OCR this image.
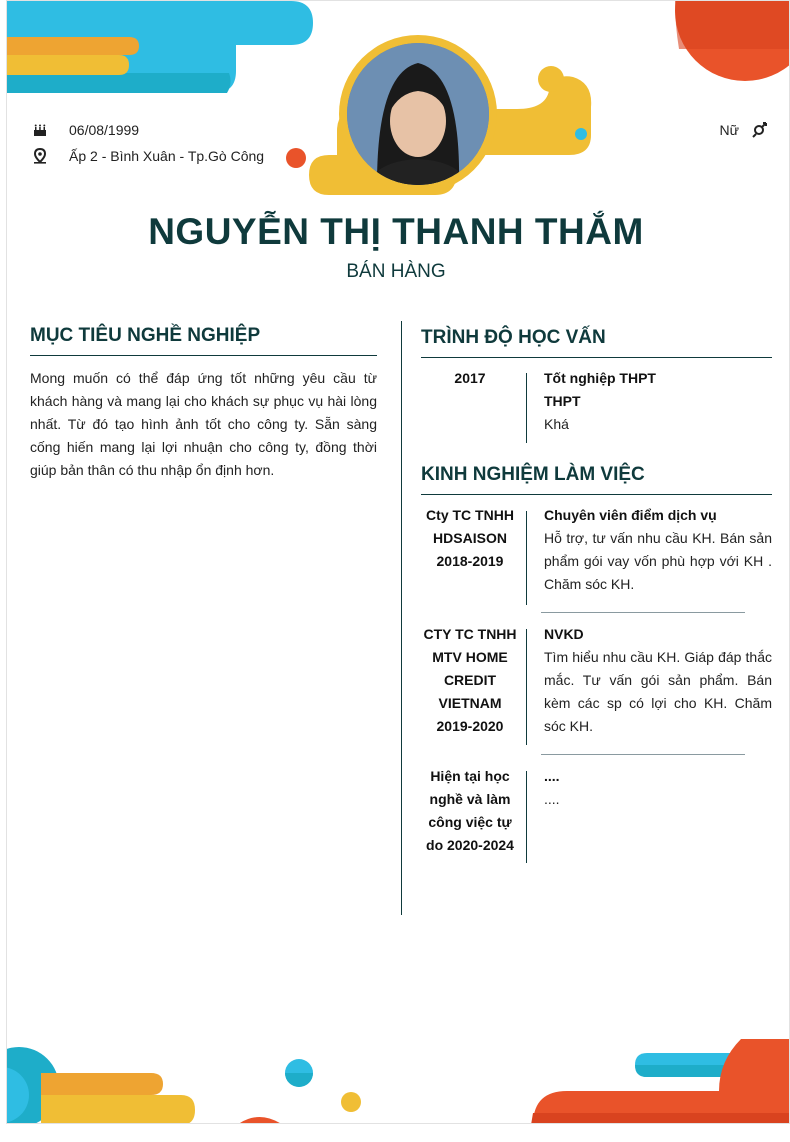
06/08/1999
Ấp 2 - Bình Xuân - Tp.Gò Công
Nữ
NGUYỄN THỊ THANH THẮM
BÁN HÀNG
MỤC TIÊU NGHỀ NGHIỆP
Mong muốn có thể đáp ứng tốt những yêu cầu từ khách hàng và mang lại cho khách sự phục vụ hài lòng nhất. Từ đó tạo hình ảnh tốt cho công ty. Sẵn sàng cống hiến mang lại lợi nhuận cho công ty, đồng thời giúp bản thân có thu nhập ổn định hơn.
TRÌNH ĐỘ HỌC VẤN
2017	Tốt nghiệp THPT
THPT
Khá
KINH NGHIỆM LÀM VIỆC
Cty TC TNHH HDSAISON 2018-2019
Chuyên viên điểm dịch vụ
Hỗ trợ, tư vấn nhu cầu KH. Bán sản phẩm gói vay vốn phù hợp với KH . Chăm sóc KH.
CTY TC TNHH MTV HOME CREDIT VIETNAM 2019-2020
NVKD
Tìm hiểu nhu cầu KH. Giáp đáp thắc mắc. Tư vấn gói sản phẩm. Bán kèm các sp có lợi cho KH. Chăm sóc KH.
Hiện tại học nghề và làm công việc tự do 2020-2024
....
....
